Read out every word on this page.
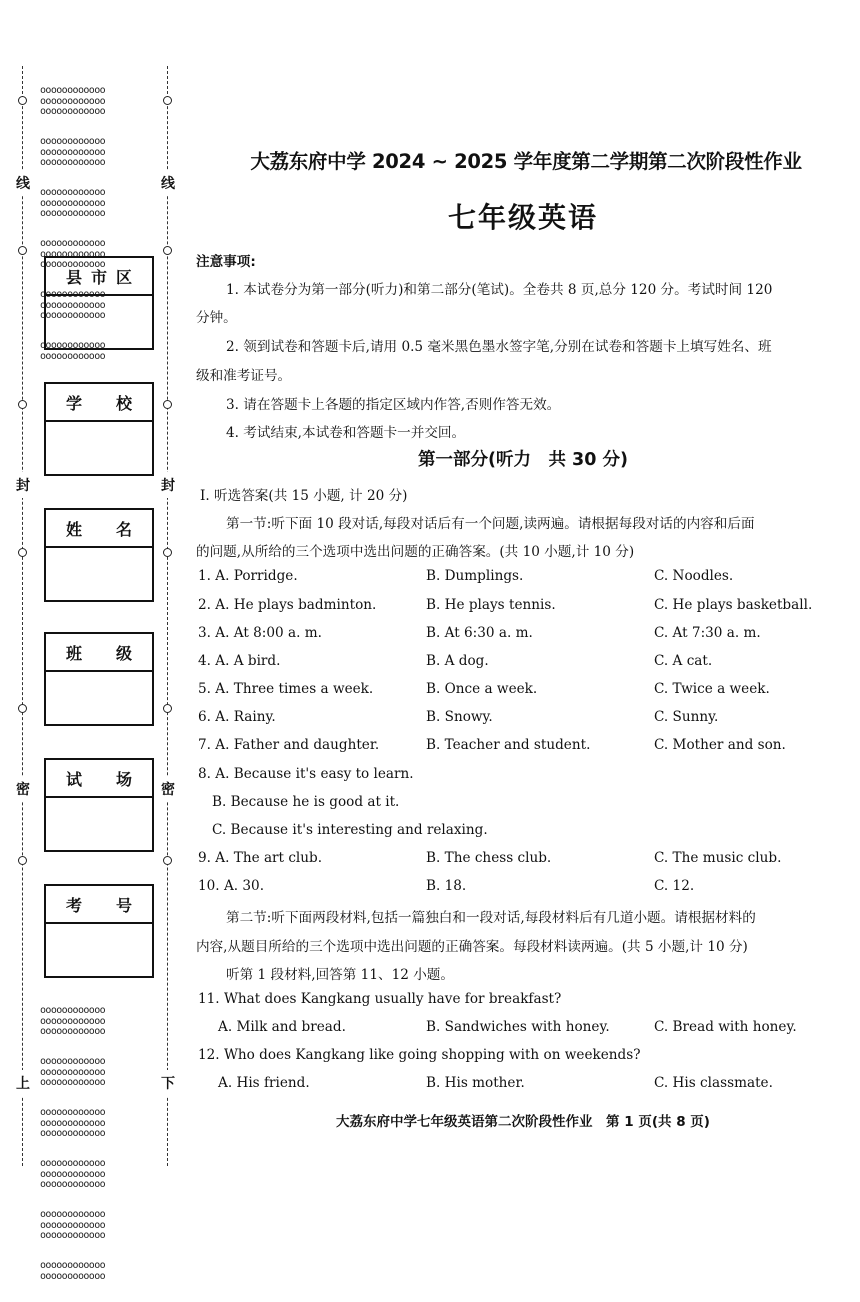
oooooooooooo
oooooooooooo
oooooooooooo

oooooooooooo
oooooooooooo
oooooooooooo

oooooooooooo
oooooooooooo
oooooooooooo

oooooooooooo
oooooooooooo
oooooooooooo

oooooooooooo
oooooooooooo
oooooooooooo

oooooooooooo
oooooooooooo

oooooooooooo
oooooooooooo
oooooooooooo

oooooooooooo
oooooooooooo
oooooooooooo

oooooooooooo
oooooooooooo
oooooooooooo

oooooooooooo
oooooooooooo
oooooooooooo

oooooooooooo
oooooooooooo
oooooooooooo

oooooooooooo
oooooooooooo

线	线
封	封
密	密
上	下
县 市 区
学 校
姓 名
班 级
试 场
考 号
大荔东府中学 2024 ~ 2025 学年度第二学期第二次阶段性作业
七年级英语
注意事项:
1. 本试卷分为第一部分(听力)和第二部分(笔试)。全卷共 8 页,总分 120 分。考试时间 120
分钟。
2. 领到试卷和答题卡后,请用 0.5 毫米黑色墨水签字笔,分别在试卷和答题卡上填写姓名、班
级和准考证号。
3. 请在答题卡上各题的指定区域内作答,否则作答无效。
4. 考试结束,本试卷和答题卡一并交回。
第一部分(听力　共 30 分)
Ⅰ. 听选答案(共 15 小题, 计 20 分)
第一节:听下面 10 段对话,每段对话后有一个问题,读两遍。请根据每段对话的内容和后面
的问题,从所给的三个选项中选出问题的正确答案。(共 10 小题,计 10 分)
1. A. Porridge.	B. Dumplings.	C. Noodles.
2. A. He plays badminton.	B. He plays tennis.	C. He plays basketball.
3. A. At 8:00 a. m.	B. At 6:30 a. m.	C. At 7:30 a. m.
4. A. A bird.	B. A dog.	C. A cat.
5. A. Three times a week.	B. Once a week.	C. Twice a week.
6. A. Rainy.	B. Snowy.	C. Sunny.
7. A. Father and daughter.	B. Teacher and student.	C. Mother and son.
8. A. Because it's easy to learn.
B. Because he is good at it.
C. Because it's interesting and relaxing.
9. A. The art club.	B. The chess club.	C. The music club.
10. A. 30.	B. 18.	C. 12.
第二节:听下面两段材料,包括一篇独白和一段对话,每段材料后有几道小题。请根据材料的
内容,从题目所给的三个选项中选出问题的正确答案。每段材料读两遍。(共 5 小题,计 10 分)
听第 1 段材料,回答第 11、12 小题。
11. What does Kangkang usually have for breakfast?
A. Milk and bread.	B. Sandwiches with honey.	C. Bread with honey.
12. Who does Kangkang like going shopping with on weekends?
A. His friend.	B. His mother.	C. His classmate.
大荔东府中学七年级英语第二次阶段性作业　第 1 页(共 8 页)
